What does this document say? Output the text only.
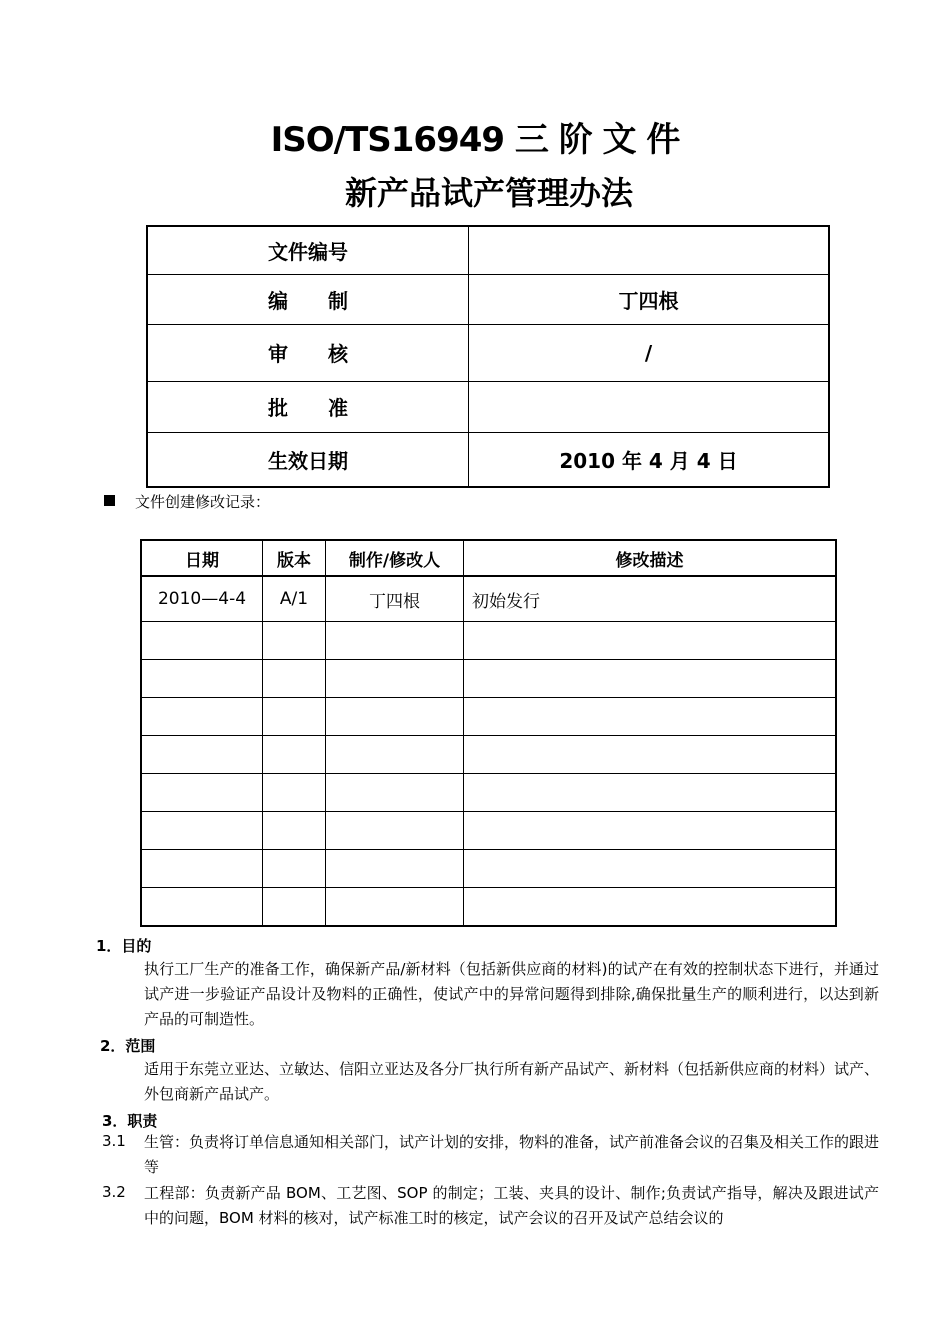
ISO/TS16949 三 阶 文 件
新产品试产管理办法
文件编号	
编　　制	丁四根
审　　核	/
批　　准	
生效日期	2010 年 4 月 4 日
文件创建修改记录：
日期	版本	制作/修改人	修改描述
2010—4-4	A/1	丁四根	初始发行

1．目的
执行工厂生产的准备工作，确保新产品/新材料（包括新供应商的材料)的试产在有效的控制状态下进行，并通过试产进一步验证产品设计及物料的正确性，使试产中的异常问题得到排除,确保批量生产的顺利进行，以达到新产品的可制造性。
2．范围
适用于东莞立亚达、立敏达、信阳立亚达及各分厂执行所有新产品试产、新材料（包括新供应商的材料）试产、外包商新产品试产。
3．职责
3.1 生管：负责将订单信息通知相关部门，试产计划的安排，物料的准备，试产前准备会议的召集及相关工作的跟进等
3.2 工程部：负责新产品 BOM、工艺图、SOP 的制定；工装、夹具的设计、制作;负责试产指导，解决及跟进试产中的问题，BOM 材料的核对，试产标准工时的核定，试产会议的召开及试产总结会议的
